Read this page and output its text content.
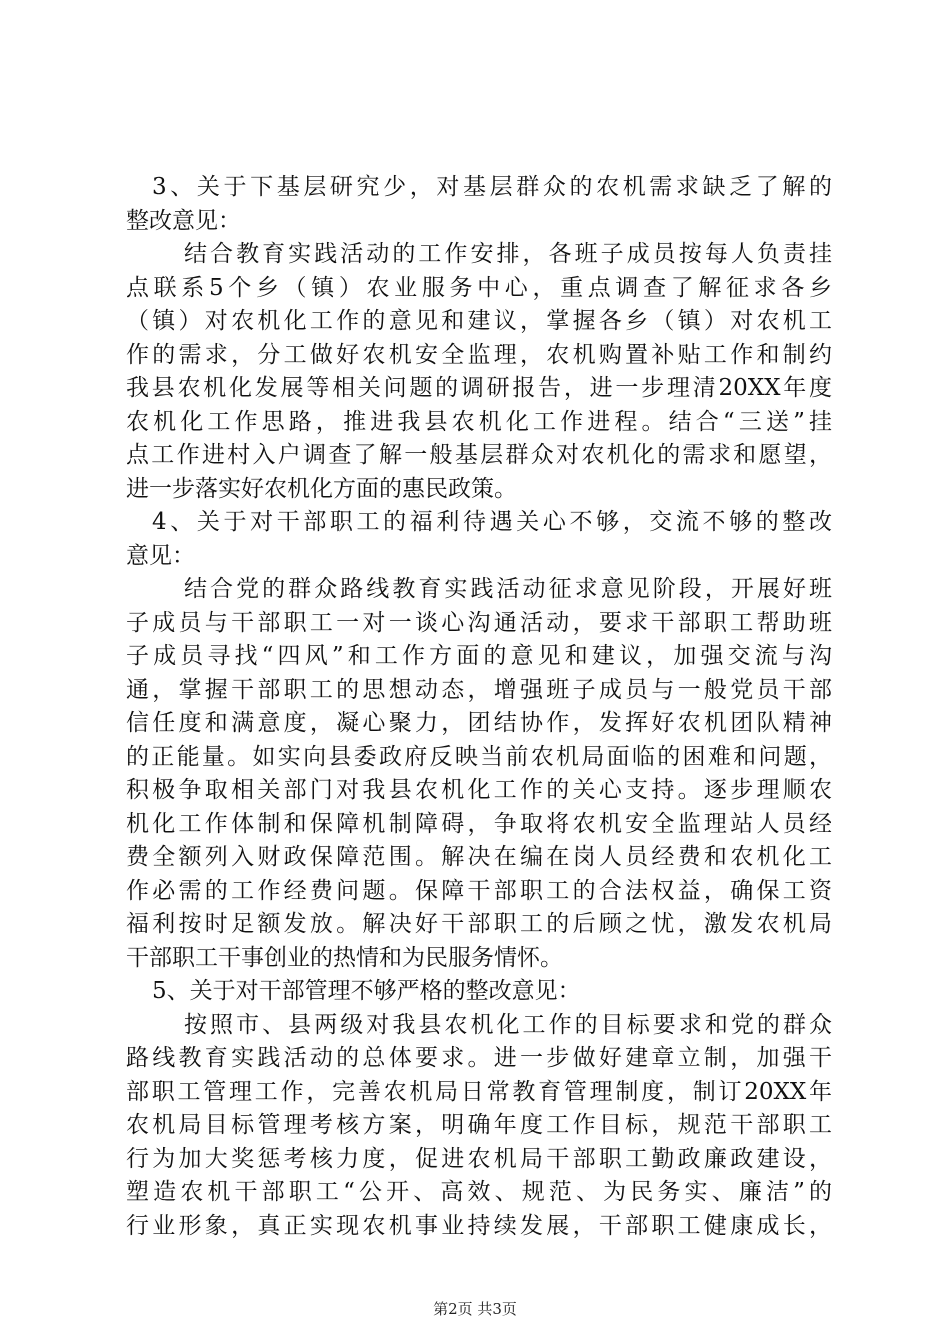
3、关于下基层研究少，对基层群众的农机需求缺乏了解的
整改意见：
结合教育实践活动的工作安排，各班子成员按每人负责挂
点联系5个乡（镇）农业服务中心，重点调查了解征求各乡
（镇）对农机化工作的意见和建议，掌握各乡（镇）对农机工
作的需求，分工做好农机安全监理，农机购置补贴工作和制约
我县农机化发展等相关问题的调研报告，进一步理清20XX年度
农机化工作思路，推进我县农机化工作进程。结合“三送”挂
点工作进村入户调查了解一般基层群众对农机化的需求和愿望，
进一步落实好农机化方面的惠民政策。
4、关于对干部职工的福利待遇关心不够，交流不够的整改
意见：
结合党的群众路线教育实践活动征求意见阶段，开展好班
子成员与干部职工一对一谈心沟通活动，要求干部职工帮助班
子成员寻找“四风”和工作方面的意见和建议，加强交流与沟
通，掌握干部职工的思想动态，增强班子成员与一般党员干部
信任度和满意度，凝心聚力，团结协作，发挥好农机团队精神
的正能量。如实向县委政府反映当前农机局面临的困难和问题，
积极争取相关部门对我县农机化工作的关心支持。逐步理顺农
机化工作体制和保障机制障碍，争取将农机安全监理站人员经
费全额列入财政保障范围。解决在编在岗人员经费和农机化工
作必需的工作经费问题。保障干部职工的合法权益，确保工资
福利按时足额发放。解决好干部职工的后顾之忧，激发农机局
干部职工干事创业的热情和为民服务情怀。
5、关于对干部管理不够严格的整改意见：
按照市、县两级对我县农机化工作的目标要求和党的群众
路线教育实践活动的总体要求。进一步做好建章立制，加强干
部职工管理工作，完善农机局日常教育管理制度，制订20XX年
农机局目标管理考核方案，明确年度工作目标，规范干部职工
行为加大奖惩考核力度，促进农机局干部职工勤政廉政建设，
塑造农机干部职工“公开、高效、规范、为民务实、廉洁”的
行业形象，真正实现农机事业持续发展，干部职工健康成长，
第2页 共3页
